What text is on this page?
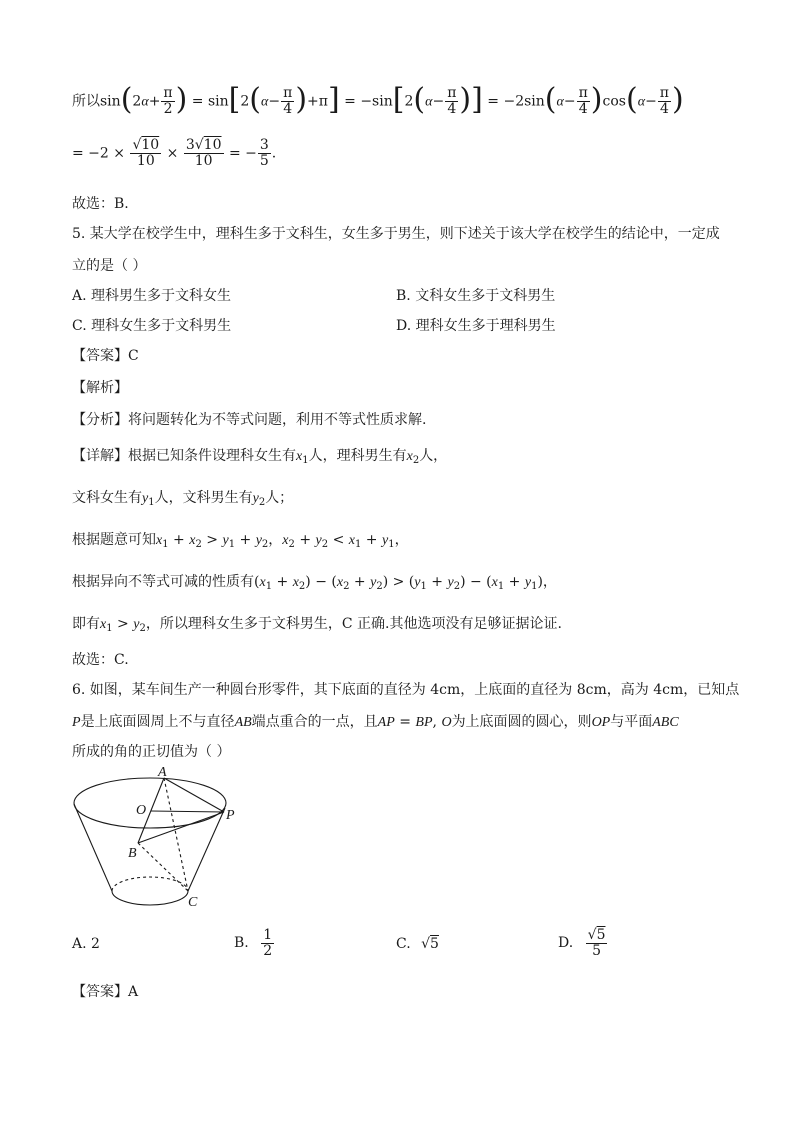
所以$\sin(2\alpha+ \frac{\pi}{2}$ ) = $\sin[2(\alpha- \frac{\pi}{4} )+\pi] = -\sin[2(\alpha- \frac{\pi}{4}$ )] = $-2\sin(\alpha- \frac{\pi}{4} )\cos(\alpha- \frac{\pi}{4}$ )
= $-2 \times \frac{√10}{10} \times \frac{3√10}{10}$ = − $\frac{3}{5}$ .
故选：B.
5. 某大学在校学生中，理科生多于文科生，女生多于男生，则下述关于该大学在校学生的结论中，一定成
立的是（ ）
A. 理科男生多于文科女生	B. 文科女生多于文科男生
C. 理科女生多于文科男生	D. 理科女生多于理科男生
【答案】C
【解析】
【分析】将问题转化为不等式问题，利用不等式性质求解.
【详解】根据已知条件设理科女生有$x_1$人，理科男生有$x_2$人，
文科女生有$y_1$人，文科男生有$y_2$人；
根据题意可知$x_1 + x_2 > y_1 + y_2$，$x_2 + y_2 < x_1 + y_1$，
根据异向不等式可减的性质有$(x_1 + x_2) - (x_2 + y_2) > (y_1 + y_2) - (x_1 + y_1)$，
即有$x_1 > y_2$，所以理科女生多于文科男生，C 正确.其他选项没有足够证据论证.
故选：C.
6. 如图，某车间生产一种圆台形零件，其下底面的直径为 4cm，上底面的直径为 8cm，高为 4cm，已知点
P是上底面圆周上不与直径AB端点重合的一点，且AP = BP, O为上底面圆的圆心，则OP与平面ABC
所成的角的正切值为（ ）
A
O	P
B
C
A. 2	B. $\frac{1}{2}$	C. √5	D. $\frac{√5}{5}$
【答案】A
